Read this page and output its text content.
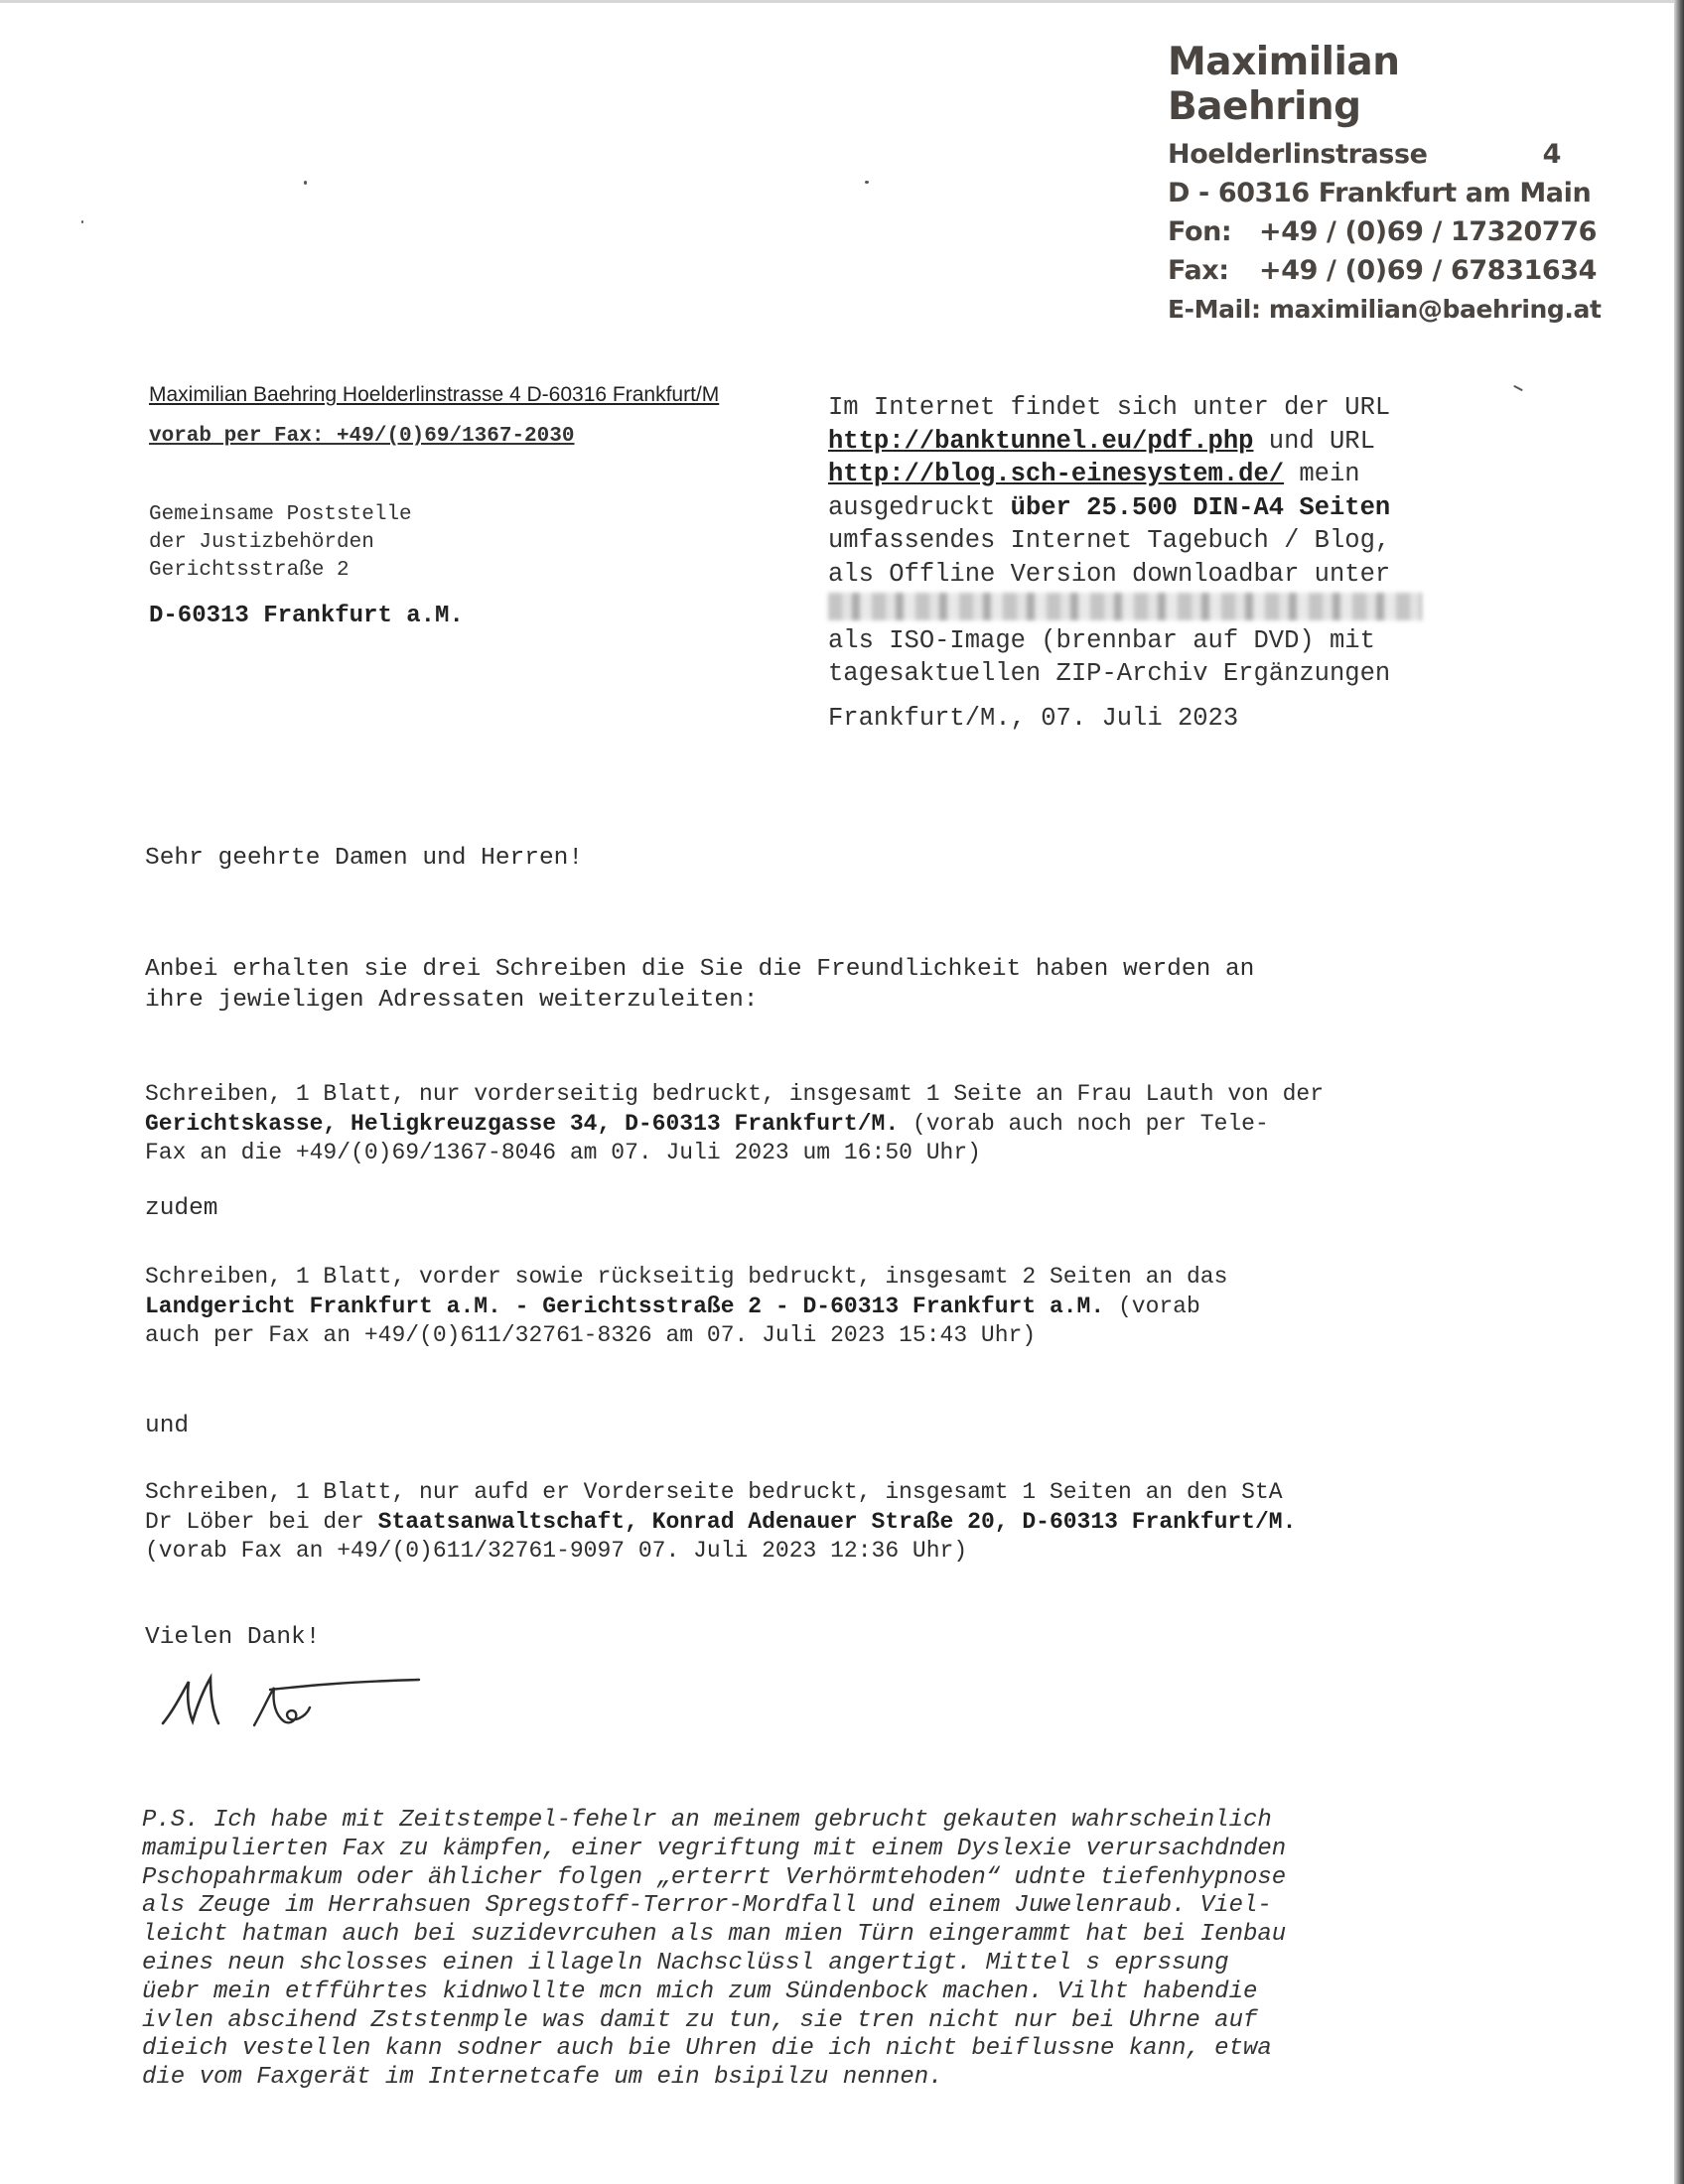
Maximilian Baehring
Hoelderlinstrasse	4
D - 60316 Frankfurt am Main
Fon: +49 / (0)69 / 17320776
Fax: +49 / (0)69 / 67831634
E-Mail: maximilian@baehring.at
Maximilian Baehring Hoelderlinstrasse 4 D-60316 Frankfurt/M
vorab per Fax: +49/(0)69/1367-2030
Gemeinsame Poststelle
der Justizbehörden
Gerichtsstraße 2
D-60313 Frankfurt a.M.
Im Internet findet sich unter der URL
http://banktunnel.eu/pdf.php und URL
http://blog.sch-einesystem.de/ mein
ausgedruckt über 25.500 DIN-A4 Seiten
umfassendes Internet Tagebuch / Blog,
als Offline Version downloadbar unter
als ISO-Image (brennbar auf DVD) mit
tagesaktuellen ZIP-Archiv Ergänzungen
Frankfurt/M., 07. Juli 2023
Sehr geehrte Damen und Herren!
Anbei erhalten sie drei Schreiben die Sie die Freundlichkeit haben werden an
ihre jewieligen Adressaten weiterzuleiten:
Schreiben, 1 Blatt, nur vorderseitig bedruckt, insgesamt 1 Seite an Frau Lauth von der
Gerichtskasse, Heligkreuzgasse 34, D-60313 Frankfurt/M. (vorab auch noch per Tele-
Fax an die +49/(0)69/1367-8046 am 07. Juli 2023 um 16:50 Uhr)
zudem
Schreiben, 1 Blatt, vorder sowie rückseitig bedruckt, insgesamt 2 Seiten an das
Landgericht Frankfurt a.M. - Gerichtsstraße 2 - D-60313 Frankfurt a.M. (vorab
auch per Fax an +49/(0)611/32761-8326 am 07. Juli 2023 15:43 Uhr)
und
Schreiben, 1 Blatt, nur aufd er Vorderseite bedruckt, insgesamt 1 Seiten an den StA
Dr Löber bei der Staatsanwaltschaft, Konrad Adenauer Straße 20, D-60313 Frankfurt/M.
(vorab Fax an +49/(0)611/32761-9097 07. Juli 2023 12:36 Uhr)
Vielen Dank!
P.S. Ich habe mit Zeitstempel-fehelr an meinem gebrucht gekauten wahrscheinlich
mamipulierten Fax zu kämpfen, einer vegriftung mit einem Dyslexie verursachdnden
Pschopahrmakum oder ählicher folgen „erterrt Verhörmtehoden“ udnte tiefenhypnose
als Zeuge im Herrahsuen Spregstoff-Terror-Mordfall und einem Juwelenraub. Viel-
leicht hatman auch bei suzidevrcuhen als man mien Türn eingerammt hat bei Ienbau
eines neun shclosses einen illageln Nachsclüssl angertigt. Mittel s eprssung
üebr mein etfführtes kidnwollte mcn mich zum Sündenbock machen. Vilht habendie
ivlen abscihend Zststenmple was damit zu tun, sie tren nicht nur bei Uhrne auf
dieich vestellen kann sodner auch bie Uhren die ich nicht beiflussne kann, etwa
die vom Faxgerät im Internetcafe um ein bsipilzu nennen.
